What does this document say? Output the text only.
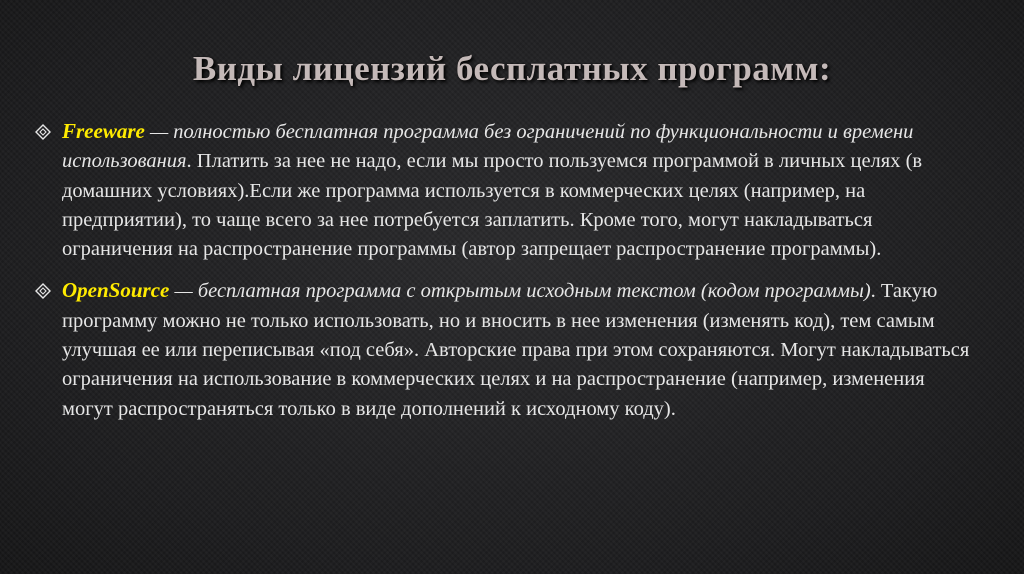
Виды лицензий бесплатных программ:
Freeware — полностью бесплатная программа без ограничений по функциональности и времени использования. Платить за нее не надо, если мы просто пользуемся программой в личных целях (в домашних условиях).Если же программа используется в коммерческих целях (например, на предприятии), то чаще всего за нее потребуется заплатить. Кроме того, могут накладываться ограничения на распространение программы (автор запрещает распространение программы).
OpenSource — бесплатная программа с открытым исходным текстом (кодом программы). Такую программу можно не только использовать, но и вносить в нее изменения (изменять код), тем самым улучшая ее или переписывая «под себя». Авторские права при этом сохраняются. Могут накладываться ограничения на использование в коммерческих целях и на распространение (например, изменения могут распространяться только в виде дополнений к исходному коду).
